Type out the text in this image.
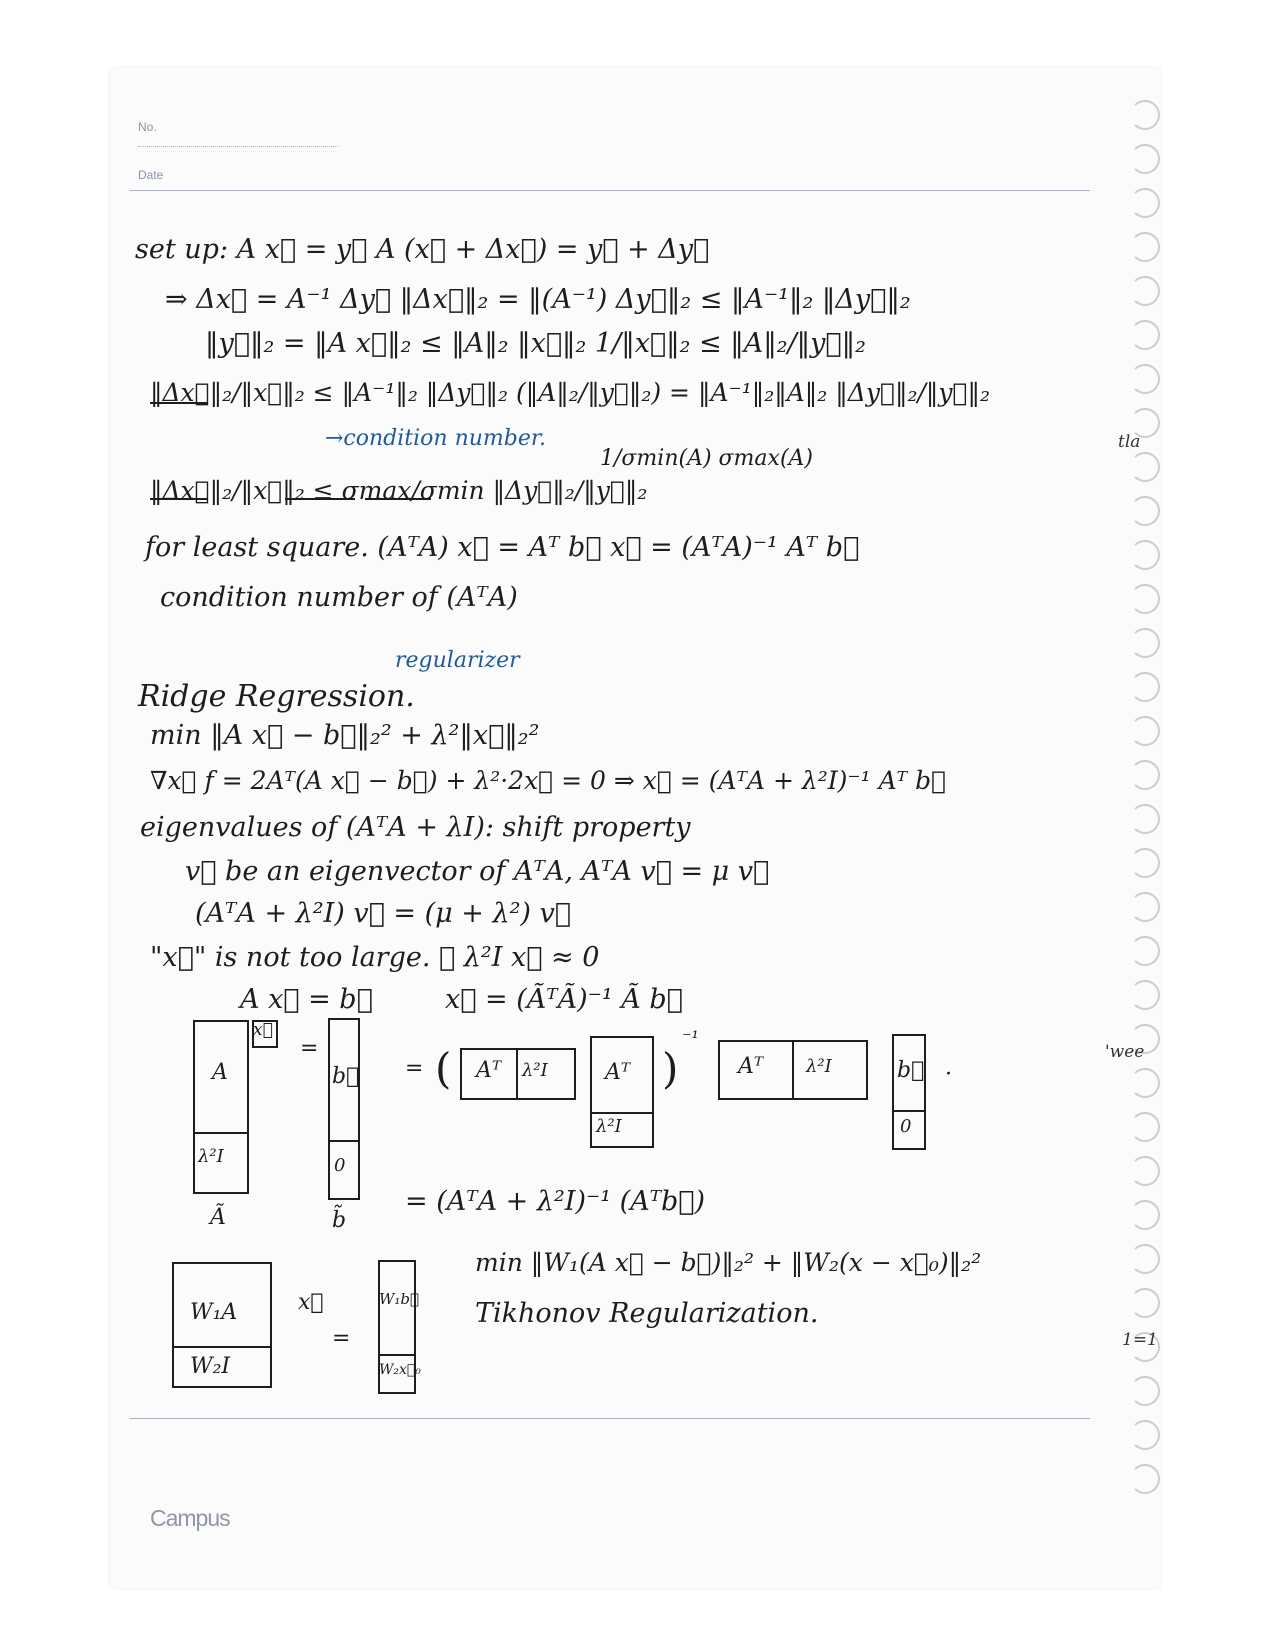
No.
Date
Campus
tla
'wee
1=1
set up: A x⃗ = y⃗ A (x⃗ + Δx⃗) = y⃗ + Δy⃗
⇒ Δx⃗ = A⁻¹ Δy⃗ ‖Δx⃗‖₂ = ‖(A⁻¹) Δy⃗‖₂ ≤ ‖A⁻¹‖₂ ‖Δy⃗‖₂
‖y⃗‖₂ = ‖A x⃗‖₂ ≤ ‖A‖₂ ‖x⃗‖₂ 1/‖x⃗‖₂ ≤ ‖A‖₂/‖y⃗‖₂
‖Δx⃗‖₂/‖x⃗‖₂ ≤ ‖A⁻¹‖₂ ‖Δy⃗‖₂ (‖A‖₂/‖y⃗‖₂) = ‖A⁻¹‖₂‖A‖₂ ‖Δy⃗‖₂/‖y⃗‖₂
→condition number.
1/σmin(A) σmax(A)
‖Δx⃗‖₂/‖x⃗‖₂ ≤ σmax/σmin ‖Δy⃗‖₂/‖y⃗‖₂
for least square. (AᵀA) x⃗ = Aᵀ b⃗ x⃗ = (AᵀA)⁻¹ Aᵀ b⃗
condition number of (AᵀA)
Ridge Regression.
regularizer
min ‖A x⃗ − b⃗‖₂² + λ²‖x⃗‖₂²
∇x⃗ f = 2Aᵀ(A x⃗ − b⃗) + λ²·2x⃗ = 0 ⇒ x⃗ = (AᵀA + λ²I)⁻¹ Aᵀ b⃗
eigenvalues of (AᵀA + λI): shift property
v⃗ be an eigenvector of AᵀA, AᵀA v⃗ = μ v⃗
(AᵀA + λ²I) v⃗ = (μ + λ²) v⃗
"x⃗" is not too large. ∴ λ²I x⃗ ≈ 0
A x⃗ = b⃗	x⃗ = (ÃᵀÃ)⁻¹ Ã b⃗
A
λ²I
Ã
x⃗
=
b⃗
0
b̃
= ( Aᵀ λ²I	Aᵀ
λ²I
)
⁻¹
Aᵀ λ²I	b⃗
0
·
= (AᵀA + λ²I)⁻¹ (Aᵀb⃗)
W₁A
W₂I
x⃗
=
W₁b⃗
W₂x⃗₀
min ‖W₁(A x⃗ − b⃗)‖₂² + ‖W₂(x − x⃗₀)‖₂²
Tikhonov Regularization.
